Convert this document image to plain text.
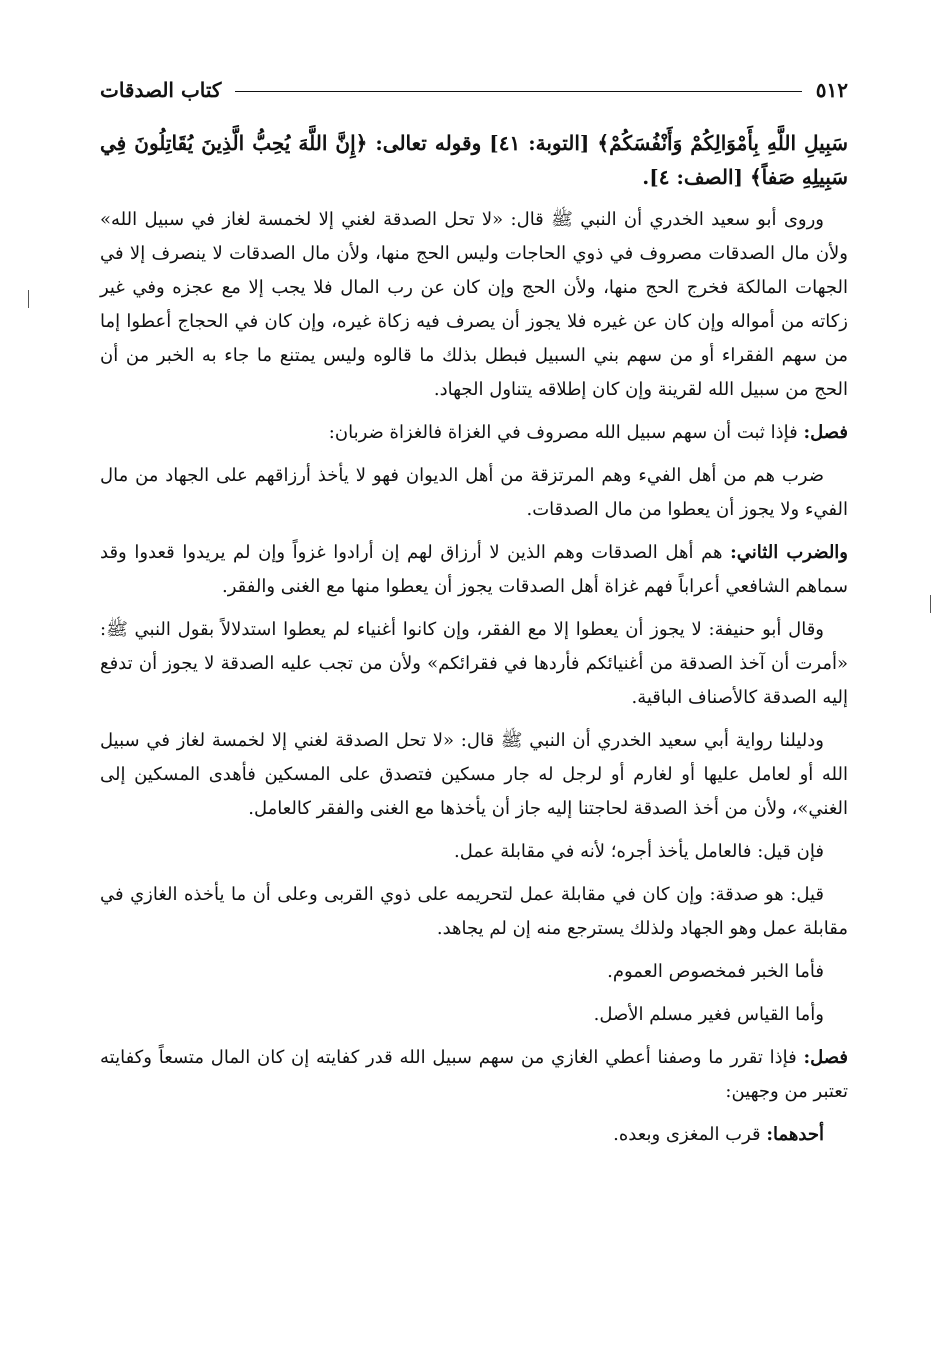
٥١٢
كتاب الصدقات

سَبِيلِ اللَّهِ بِأَمْوَالِكُمْ وَأَنْفُسَكُمْ﴾ [التوبة: ٤١] وقوله تعالى: ﴿إِنَّ اللَّهَ يُحِبُّ الَّذِينَ يُقَاتِلُونَ فِي سَبِيلِهِ صَفاً﴾ [الصف: ٤].

وروى أبو سعيد الخدري أن النبي ﷺ قال: «لا تحل الصدقة لغني إلا لخمسة لغاز في سبيل الله» ولأن مال الصدقات مصروف في ذوي الحاجات وليس الحج منها، ولأن مال الصدقات لا ينصرف إلا في الجهات المالكة فخرج الحج منها، ولأن الحج وإن كان عن رب المال فلا يجب إلا مع عجزه وفي غير زكاته من أمواله وإن كان عن غيره فلا يجوز أن يصرف فيه زكاة غيره، وإن كان في الحجاج أعطوا إما من سهم الفقراء أو من سهم بني السبيل فبطل بذلك ما قالوه وليس يمتنع ما جاء به الخبر من أن الحج من سبيل الله لقرينة وإن كان إطلاقه يتناول الجهاد.

فصل: فإذا ثبت أن سهم سبيل الله مصروف في الغزاة فالغزاة ضربان:

ضرب هم من أهل الفيء وهم المرتزقة من أهل الديوان فهو لا يأخذ أرزاقهم على الجهاد من مال الفيء ولا يجوز أن يعطوا من مال الصدقات.

والضرب الثاني: هم أهل الصدقات وهم الذين لا أرزاق لهم إن أرادوا غزواً وإن لم يريدوا قعدوا وقد سماهم الشافعي أعراباً فهم غزاة أهل الصدقات يجوز أن يعطوا منها مع الغنى والفقر.

وقال أبو حنيفة: لا يجوز أن يعطوا إلا مع الفقر، وإن كانوا أغنياء لم يعطوا استدلالاً بقول النبي ﷺ: «أمرت أن آخذ الصدقة من أغنيائكم فأردها في فقرائكم» ولأن من تجب عليه الصدقة لا يجوز أن تدفع إليه الصدقة كالأصناف الباقية.

ودليلنا رواية أبي سعيد الخدري أن النبي ﷺ قال: «لا تحل الصدقة لغني إلا لخمسة لغاز في سبيل الله أو لعامل عليها أو لغارم أو لرجل له جار مسكين فتصدق على المسكين فأهدى المسكين إلى الغني»، ولأن من أخذ الصدقة لحاجتنا إليه جاز أن يأخذها مع الغنى والفقر كالعامل.

فإن قيل: فالعامل يأخذ أجره؛ لأنه في مقابلة عمل.

قيل: هو صدقة: وإن كان في مقابلة عمل لتحريمه على ذوي القربى وعلى أن ما يأخذه الغازي في مقابلة عمل وهو الجهاد ولذلك يسترجع منه إن لم يجاهد.

فأما الخبر فمخصوص العموم.

وأما القياس فغير مسلم الأصل.

فصل: فإذا تقرر ما وصفنا أعطي الغازي من سهم سبيل الله قدر كفايته إن كان المال متسعاً وكفايته تعتبر من وجهين:

أحدهما: قرب المغزى وبعده.
